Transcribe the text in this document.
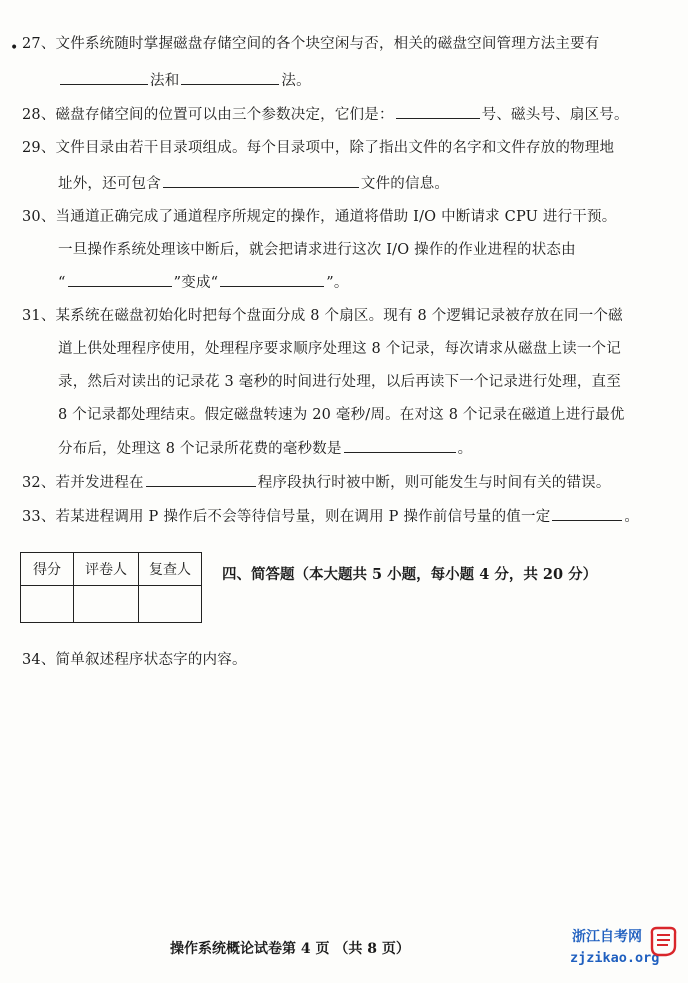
• 27、文件系统随时掌握磁盘存储空间的各个块空闲与否，相关的磁盘空间管理方法主要有
法和	法。
28、磁盘存储空间的位置可以由三个参数决定，它们是：	号、磁头号、扇区号。
29、文件目录由若干目录项组成。每个目录项中，除了指出文件的名字和文件存放的物理地
址外，还可包含	文件的信息。
30、当通道正确完成了通道程序所规定的操作，通道将借助 I/O 中断请求 CPU 进行干预。
一旦操作系统处理该中断后，就会把请求进行这次 I/O 操作的作业进程的状态由
“	”变成“	”。
31、某系统在磁盘初始化时把每个盘面分成 8 个扇区。现有 8 个逻辑记录被存放在同一个磁
道上供处理程序使用，处理程序要求顺序处理这 8 个记录，每次请求从磁盘上读一个记
录，然后对读出的记录花 3 毫秒的时间进行处理，以后再读下一个记录进行处理，直至
8 个记录都处理结束。假定磁盘转速为 20 毫秒/周。在对这 8 个记录在磁道上进行最优
分布后，处理这 8 个记录所花费的毫秒数是	。
32、若并发进程在	程序段执行时被中断，则可能发生与时间有关的错误。
33、若某进程调用 P 操作后不会等待信号量，则在调用 P 操作前信号量的值一定	。
得分	评卷人	复查人
		四、简答题（本大题共 5 小题，每小题 4 分，共 20 分）
34、简单叙述程序状态字的内容。
操作系统概论试卷第 4 页 （共 8 页）
浙江自考网
zjzikao.org
